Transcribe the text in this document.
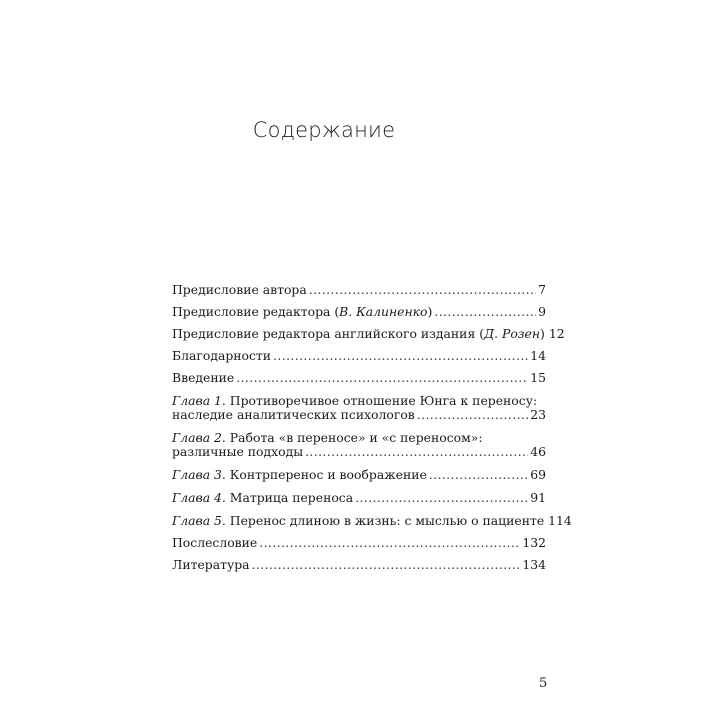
Содержание
Предисловие автора .....	7
Предисловие редактора (В. Калиненко) .....	9
Предисловие редактора английского издания (Д. Розен) 12
Благодарности .....	14
Введение .....	15
Глава 1. Противоречивое отношение Юнга к переносу:
наследие аналитических психологов .....	23
Глава 2. Работа «в переносе» и «с переносом»:
различные подходы .....	46
Глава 3. Контрперенос и воображение .....	69
Глава 4. Матрица переноса .....	91
Глава 5. Перенос длиною в жизнь: с мыслью о пациенте 114
Послесловие .....	132
Литература .....	134
5
